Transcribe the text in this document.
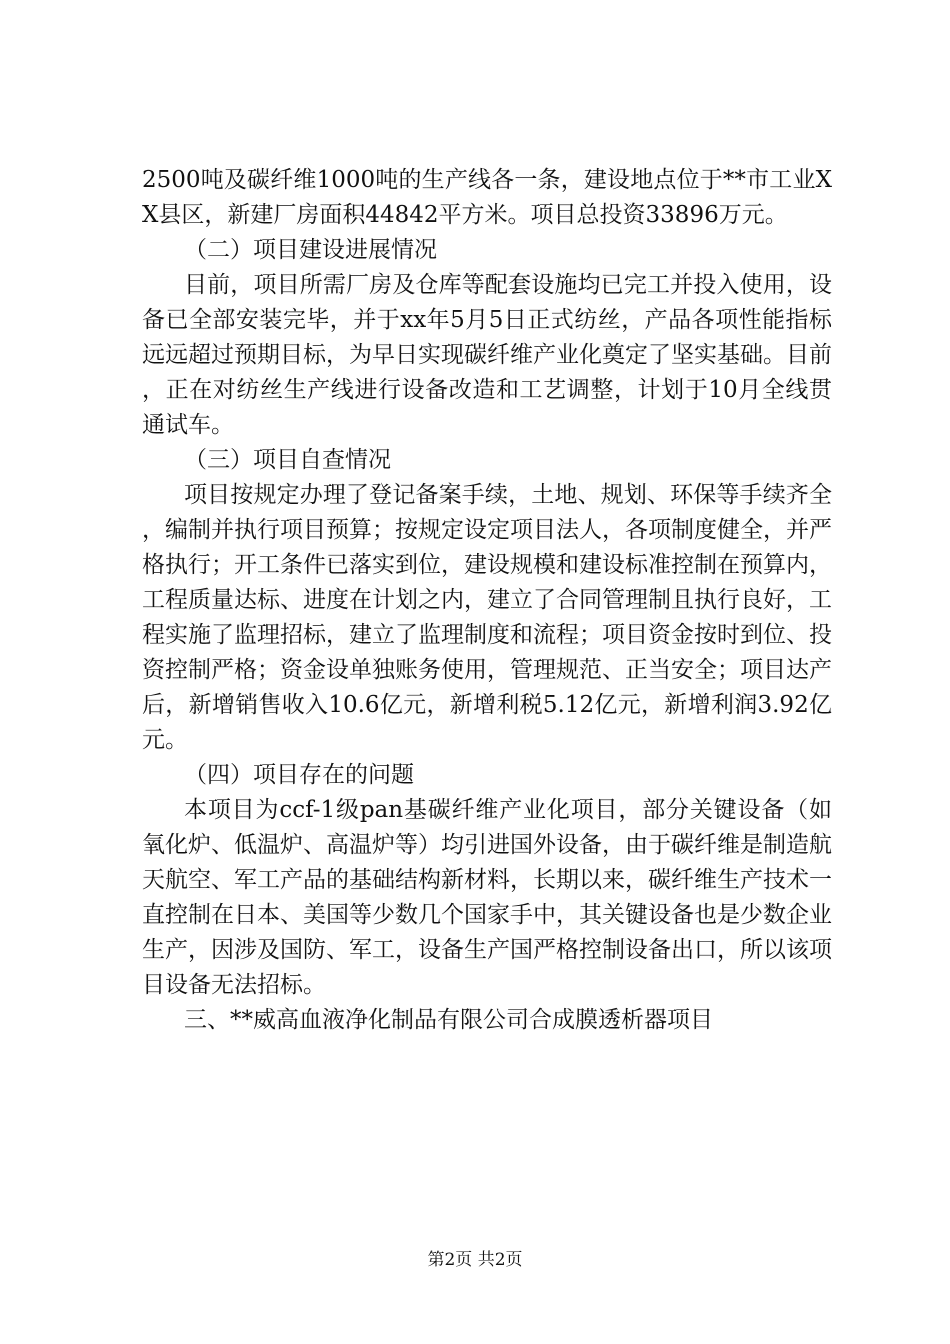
2500吨及碳纤维1000吨的生产线各一条，建设地点位于**市工业XX县区，新建厂房面积44842平方米。项目总投资33896万元。

（二）项目建设进展情况

目前，项目所需厂房及仓库等配套设施均已完工并投入使用，设备已全部安装完毕，并于xx年5月5日正式纺丝，产品各项性能指标远远超过预期目标，为早日实现碳纤维产业化奠定了坚实基础。目前，正在对纺丝生产线进行设备改造和工艺调整，计划于10月全线贯通试车。

（三）项目自查情况

项目按规定办理了登记备案手续，土地、规划、环保等手续齐全，编制并执行项目预算；按规定设定项目法人，各项制度健全，并严格执行；开工条件已落实到位，建设规模和建设标准控制在预算内，工程质量达标、进度在计划之内，建立了合同管理制且执行良好，工程实施了监理招标，建立了监理制度和流程；项目资金按时到位、投资控制严格；资金设单独账务使用，管理规范、正当安全；项目达产后，新增销售收入10.6亿元，新增利税5.12亿元，新增利润3.92亿元。

（四）项目存在的问题

本项目为ccf-1级pan基碳纤维产业化项目，部分关键设备（如氧化炉、低温炉、高温炉等）均引进国外设备，由于碳纤维是制造航天航空、军工产品的基础结构新材料，长期以来，碳纤维生产技术一直控制在日本、美国等少数几个国家手中，其关键设备也是少数企业生产，因涉及国防、军工，设备生产国严格控制设备出口，所以该项目设备无法招标。

三、**威高血液净化制品有限公司合成膜透析器项目

第2页 共2页
